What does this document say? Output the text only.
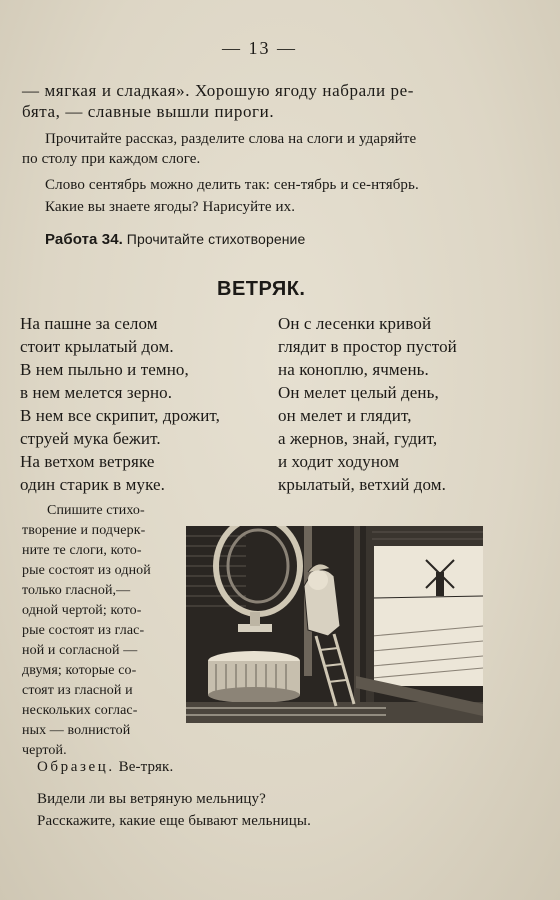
— 13 —
— мягкая и сладкая». Хорошую ягоду набрали ре-
бята, — славные вышли пироги.
Прочитайте рассказ, разделите слова на слоги и ударяйте
по столу при каждом слоге.
Слово сентябрь можно делить так: сен-тябрь и се-нтябрь.
Какие вы знаете ягоды? Нарисуйте их.
Работа 34. Прочитайте стихотворение
ВЕТРЯК.
На пашне за селом
стоит крылатый дом.
В нем пыльно и темно,
в нем мелется зерно.
В нем все скрипит, дрожит,
струей мука бежит.
На ветхом ветряке
один старик в муке.
Он с лесенки кривой
глядит в простор пустой
на коноплю, ячмень.
Он мелет целый день,
он мелет и глядит,
а жернов, знай, гудит,
и ходит ходуном
крылатый, ветхий дом.
Спишите стихо-
творение и подчерк-
ните те слоги, кото-
рые состоят из одной
только гласной,—
одной чертой; кото-
рые состоят из глас-
ной и согласной —
двумя; которые со-
стоят из гласной и
нескольких соглас-
ных — волнистой
чертой.
Образец. Ве-тряк.
Видели ли вы ветряную мельницу?
Расскажите, какие еще бывают мельницы.
